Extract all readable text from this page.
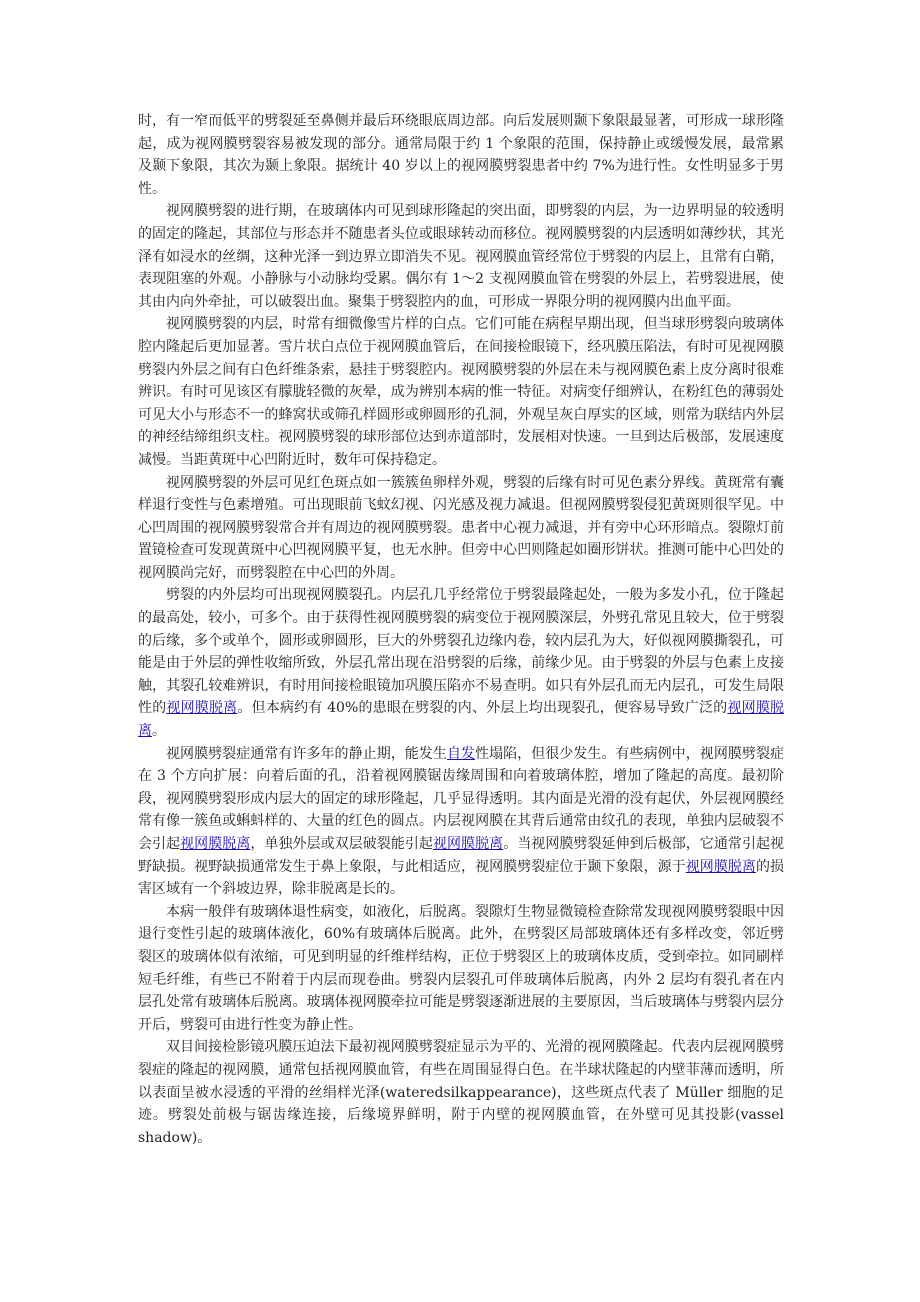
时，有一窄而低平的劈裂延至鼻侧并最后环绕眼底周边部。向后发展则颞下象限最显著，可形成一球形隆起，成为视网膜劈裂容易被发现的部分。通常局限于约 1 个象限的范围，保持静止或缓慢发展，最常累及颞下象限，其次为颞上象限。据统计 40 岁以上的视网膜劈裂患者中约 7%为进行性。女性明显多于男性。

视网膜劈裂的进行期，在玻璃体内可见到球形隆起的突出面，即劈裂的内层，为一边界明显的较透明的固定的隆起，其部位与形态并不随患者头位或眼球转动而移位。视网膜劈裂的内层透明如薄纱状，其光泽有如浸水的丝绸，这种光泽一到边界立即消失不见。视网膜血管经常位于劈裂的内层上，且常有白鞘，表现阻塞的外观。小静脉与小动脉均受累。偶尔有 1～2 支视网膜血管在劈裂的外层上，若劈裂进展，使其由内向外牵扯，可以破裂出血。聚集于劈裂腔内的血，可形成一界限分明的视网膜内出血平面。

视网膜劈裂的内层，时常有细微像雪片样的白点。它们可能在病程早期出现，但当球形劈裂向玻璃体腔内隆起后更加显著。雪片状白点位于视网膜血管后，在间接检眼镜下，经巩膜压陷法，有时可见视网膜劈裂内外层之间有白色纤维条索，悬挂于劈裂腔内。视网膜劈裂的外层在未与视网膜色素上皮分离时很难辨识。有时可见该区有朦胧轻微的灰晕，成为辨别本病的惟一特征。对病变仔细辨认，在粉红色的薄弱处可见大小与形态不一的蜂窝状或筛孔样圆形或卵圆形的孔洞，外观呈灰白厚实的区域，则常为联结内外层的神经结缔组织支柱。视网膜劈裂的球形部位达到赤道部时，发展相对快速。一旦到达后极部，发展速度减慢。当距黄斑中心凹附近时，数年可保持稳定。

视网膜劈裂的外层可见红色斑点如一簇簇鱼卵样外观，劈裂的后缘有时可见色素分界线。黄斑常有囊样退行变性与色素增殖。可出现眼前飞蚊幻视、闪光感及视力减退。但视网膜劈裂侵犯黄斑则很罕见。中心凹周围的视网膜劈裂常合并有周边的视网膜劈裂。患者中心视力减退，并有旁中心环形暗点。裂隙灯前置镜检查可发现黄斑中心凹视网膜平复，也无水肿。但旁中心凹则隆起如圈形饼状。推测可能中心凹处的视网膜尚完好，而劈裂腔在中心凹的外周。

劈裂的内外层均可出现视网膜裂孔。内层孔几乎经常位于劈裂最隆起处，一般为多发小孔，位于隆起的最高处，较小，可多个。由于获得性视网膜劈裂的病变位于视网膜深层，外劈孔常见且较大，位于劈裂的后缘，多个或单个，圆形或卵圆形，巨大的外劈裂孔边缘内卷，较内层孔为大，好似视网膜撕裂孔，可能是由于外层的弹性收缩所致，外层孔常出现在沿劈裂的后缘，前缘少见。由于劈裂的外层与色素上皮接触，其裂孔较难辨识，有时用间接检眼镜加巩膜压陷亦不易查明。如只有外层孔而无内层孔，可发生局限性的视网膜脱离。但本病约有 40%的患眼在劈裂的内、外层上均出现裂孔，便容易导致广泛的视网膜脱离。

视网膜劈裂症通常有许多年的静止期，能发生自发性塌陷，但很少发生。有些病例中，视网膜劈裂症在 3 个方向扩展：向着后面的孔，沿着视网膜锯齿缘周围和向着玻璃体腔，增加了隆起的高度。最初阶段，视网膜劈裂形成内层大的固定的球形隆起，几乎显得透明。其内面是光滑的没有起伏，外层视网膜经常有像一簇鱼或蝌蚪样的、大量的红色的圆点。内层视网膜在其背后通常由纹孔的表现，单独内层破裂不会引起视网膜脱离，单独外层或双层破裂能引起视网膜脱离。当视网膜劈裂延伸到后极部，它通常引起视野缺损。视野缺损通常发生于鼻上象限，与此相适应，视网膜劈裂症位于颞下象限，源于视网膜脱离的损害区域有一个斜坡边界，除非脱离是长的。

本病一般伴有玻璃体退性病变，如液化，后脱离。裂隙灯生物显微镜检查除常发现视网膜劈裂眼中因退行变性引起的玻璃体液化，60%有玻璃体后脱离。此外，在劈裂区局部玻璃体还有多样改变，邻近劈裂区的玻璃体似有浓缩，可见到明显的纤维样结构，正位于劈裂区上的玻璃体皮质，受到牵拉。如同刷样短毛纤维，有些已不附着于内层而现卷曲。劈裂内层裂孔可伴玻璃体后脱离，内外 2 层均有裂孔者在内层孔处常有玻璃体后脱离。玻璃体视网膜牵拉可能是劈裂逐渐进展的主要原因，当后玻璃体与劈裂内层分开后，劈裂可由进行性变为静止性。

双目间接检影镜巩膜压迫法下最初视网膜劈裂症显示为平的、光滑的视网膜隆起。代表内层视网膜劈裂症的隆起的视网膜，通常包括视网膜血管，有些在周围显得白色。在半球状隆起的内壁菲薄而透明，所以表面呈被水浸透的平滑的丝绢样光泽(wateredsilkappearance)，这些斑点代表了 Müller 细胞的足迹。劈裂处前极与锯齿缘连接，后缘境界鲜明，附于内壁的视网膜血管，在外壁可见其投影(vassel shadow)。
